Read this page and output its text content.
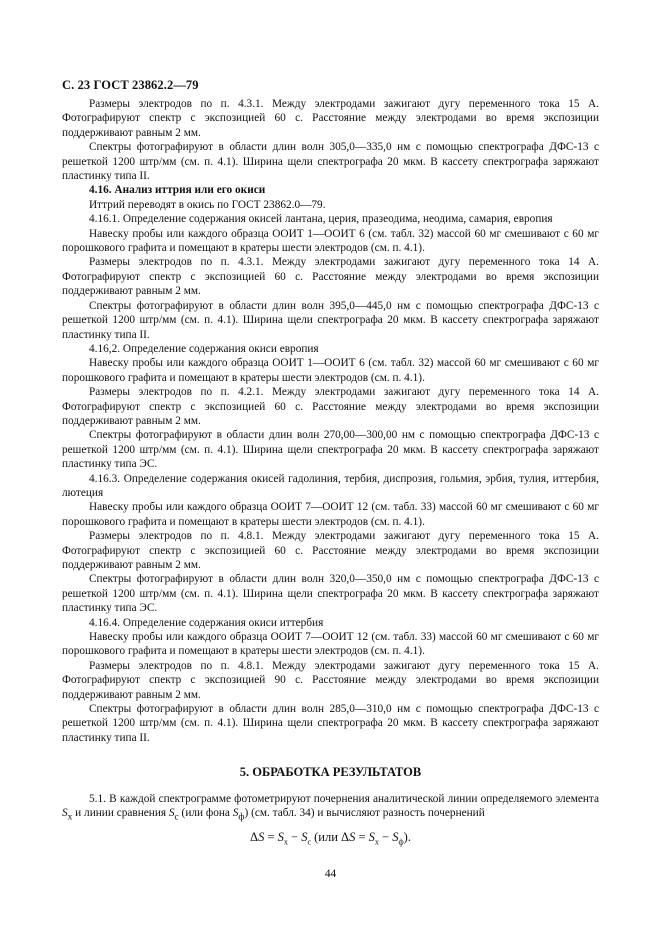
С. 23 ГОСТ 23862.2—79

Размеры электродов по п. 4.3.1. Между электродами зажигают дугу переменного тока 15 А. Фотографируют спектр с экспозицией 60 с. Расстояние между электродами во время экспозиции поддерживают равным 2 мм.

Спектры фотографируют в области длин волн 305,0—335,0 нм с помощью спектрографа ДФС-13 с решеткой 1200 штр/мм (см. п. 4.1). Ширина щели спектрографа 20 мкм. В кассету спектрографа заряжают пластинку типа II.

4.16. Анализ иттрия или его окиси

Иттрий переводят в окись по ГОСТ 23862.0—79.

4.16.1. Определение содержания окисей лантана, церия, празеодима, неодима, самария, европия

Навеску пробы или каждого образца ООИТ 1—ООИТ 6 (см. табл. 32) массой 60 мг смешивают с 60 мг порошкового графита и помещают в кратеры шести электродов (см. п. 4.1).

Размеры электродов по п. 4.3.1. Между электродами зажигают дугу переменного тока 14 А. Фотографируют спектр с экспозицией 60 с. Расстояние между электродами во время экспозиции поддерживают равным 2 мм.

Спектры фотографируют в области длин волн 395,0—445,0 нм с помощью спектрографа ДФС-13 с решеткой 1200 штр/мм (см. п. 4.1). Ширина щели спектрографа 20 мкм. В кассету спектрографа заряжают пластинку типа II.

4.16,2. Определение содержания окиси европия

Навеску пробы или каждого образца ООИТ 1—ООИТ 6 (см. табл. 32) массой 60 мг смешивают с 60 мг порошкового графита и помещают в кратеры шести электродов (см. п. 4.1).

Размеры электродов по п. 4.2.1. Между электродами зажигают дугу переменного тока 14 А. Фотографируют спектр с экспозицией 60 с. Расстояние между электродами во время экспозиции поддерживают равным 2 мм.

Спектры фотографируют в области длин волн 270,00—300,00 нм с помощью спектрографа ДФС-13 с решеткой 1200 штр/мм (см. п. 4.1). Ширина щели спектрографа 20 мкм. В кассету спектрографа заряжают пластинку типа ЭС.

4.16.3. Определение содержания окисей гадолиния, тербия, диспрозия, гольмия, эрбия, тулия, иттербия, лютеция

Навеску пробы или каждого образца ООИТ 7—ООИТ 12 (см. табл. 33) массой 60 мг смешивают с 60 мг порошкового графита и помещают в кратеры шести электродов (см. п. 4.1).

Размеры электродов по п. 4.8.1. Между электродами зажигают дугу переменного тока 15 А. Фотографируют спектр с экспозицией 60 с. Расстояние между электродами во время экспозиции поддерживают равным 2 мм.

Спектры фотографируют в области длин волн 320,0—350,0 нм с помощью спектрографа ДФС-13 с решеткой 1200 штр/мм (см. п. 4.1). Ширина щели спектрографа 20 мкм. В кассету спектрографа заряжают пластинку типа ЭС.

4.16.4. Определение содержания окиси иттербия

Навеску пробы или каждого образца ООИТ 7—ООИТ 12 (см. табл. 33) массой 60 мг смешивают с 60 мг порошкового графита и помещают в кратеры шести электродов (см. п. 4.1).

Размеры электродов по п. 4.8.1. Между электродами зажигают дугу переменного тока 15 А. Фотографируют спектр с экспозицией 90 с. Расстояние между электродами во время экспозиции поддерживают равным 2 мм.

Спектры фотографируют в области длин волн 285,0—310,0 нм с помощью спектрографа ДФС-13 с решеткой 1200 штр/мм (см. п. 4.1). Ширина щели спектрографа 20 мкм. В кассету спектрографа заряжают пластинку типа II.

5. ОБРАБОТКА РЕЗУЛЬТАТОВ

5.1. В каждой спектрограмме фотометрируют почернения аналитической линии определяемого элемента $S_x$ и линии сравнения $S_c$ (или фона $S_ф$) (см. табл. 34) и вычисляют разность почернений

$\Delta S = S_x - S_c$ (или $\Delta S = S_x - S_ф$).
44
